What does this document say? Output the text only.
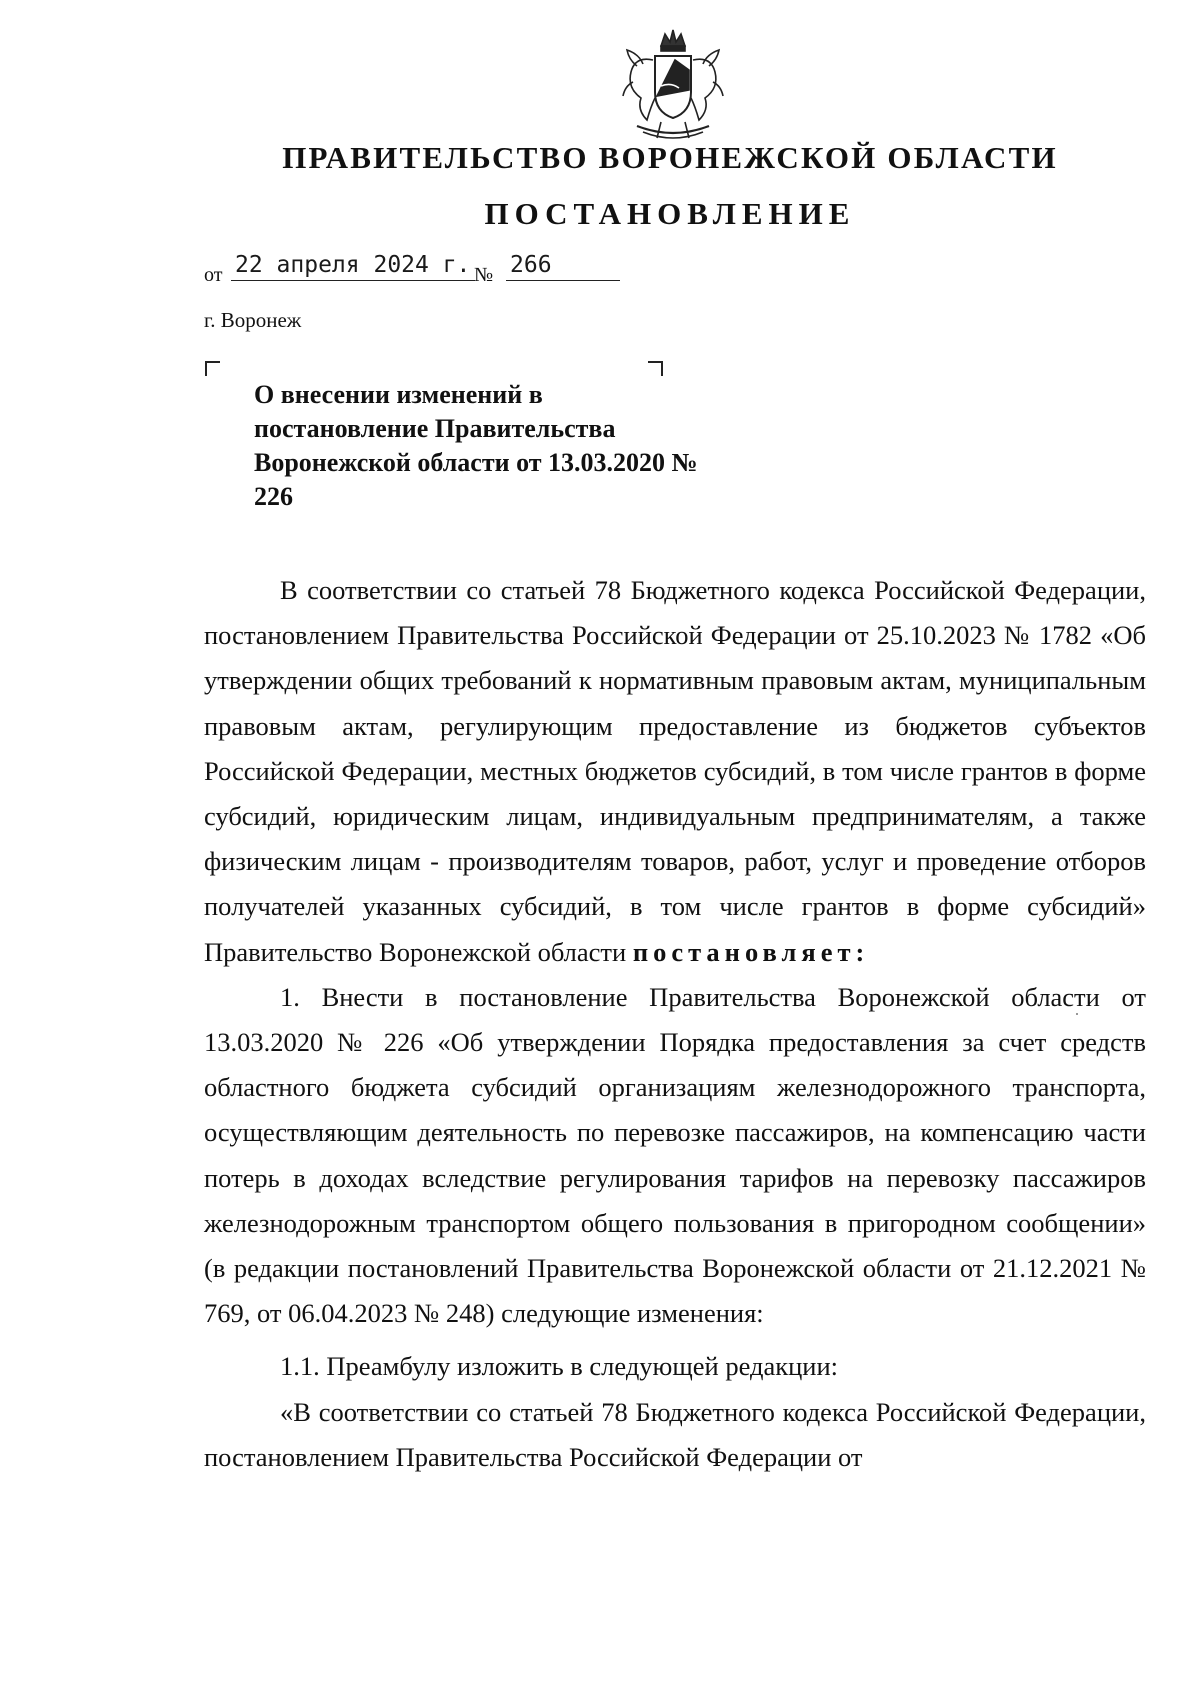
ПРАВИТЕЛЬСТВО ВОРОНЕЖСКОЙ ОБЛАСТИ
ПОСТАНОВЛЕНИЕ
от 22 апреля 2024 г. № 266

г. Воронеж

О внесении изменений в постановление Правительства Воронежской области от 13.03.2020 № 226

В соответствии со статьей 78 Бюджетного кодекса Российской Федерации, постановлением Правительства Российской Федерации от 25.10.2023 № 1782 «Об утверждении общих требований к нормативным правовым актам, муниципальным правовым актам, регулирующим предоставление из бюджетов субъектов Российской Федерации, местных бюджетов субсидий, в том числе грантов в форме субсидий, юридическим лицам, индивидуальным предпринимателям, а также физическим лицам - производителям товаров, работ, услуг и проведение отборов получателей указанных субсидий, в том числе грантов в форме субсидий» Правительство Воронежской области постановляет:

1. Внести в постановление Правительства Воронежской области от 13.03.2020 № 226 «Об утверждении Порядка предоставления за счет средств областного бюджета субсидий организациям железнодорожного транспорта, осуществляющим деятельность по перевозке пассажиров, на компенсацию части потерь в доходах вследствие регулирования тарифов на перевозку пассажиров железнодорожным транспортом общего пользования в пригородном сообщении» (в редакции постановлений Правительства Воронежской области от 21.12.2021 № 769, от 06.04.2023 № 248) следующие изменения:

1.1. Преамбулу изложить в следующей редакции:

«В соответствии со статьей 78 Бюджетного кодекса Российской Федерации, постановлением Правительства Российской Федерации от
